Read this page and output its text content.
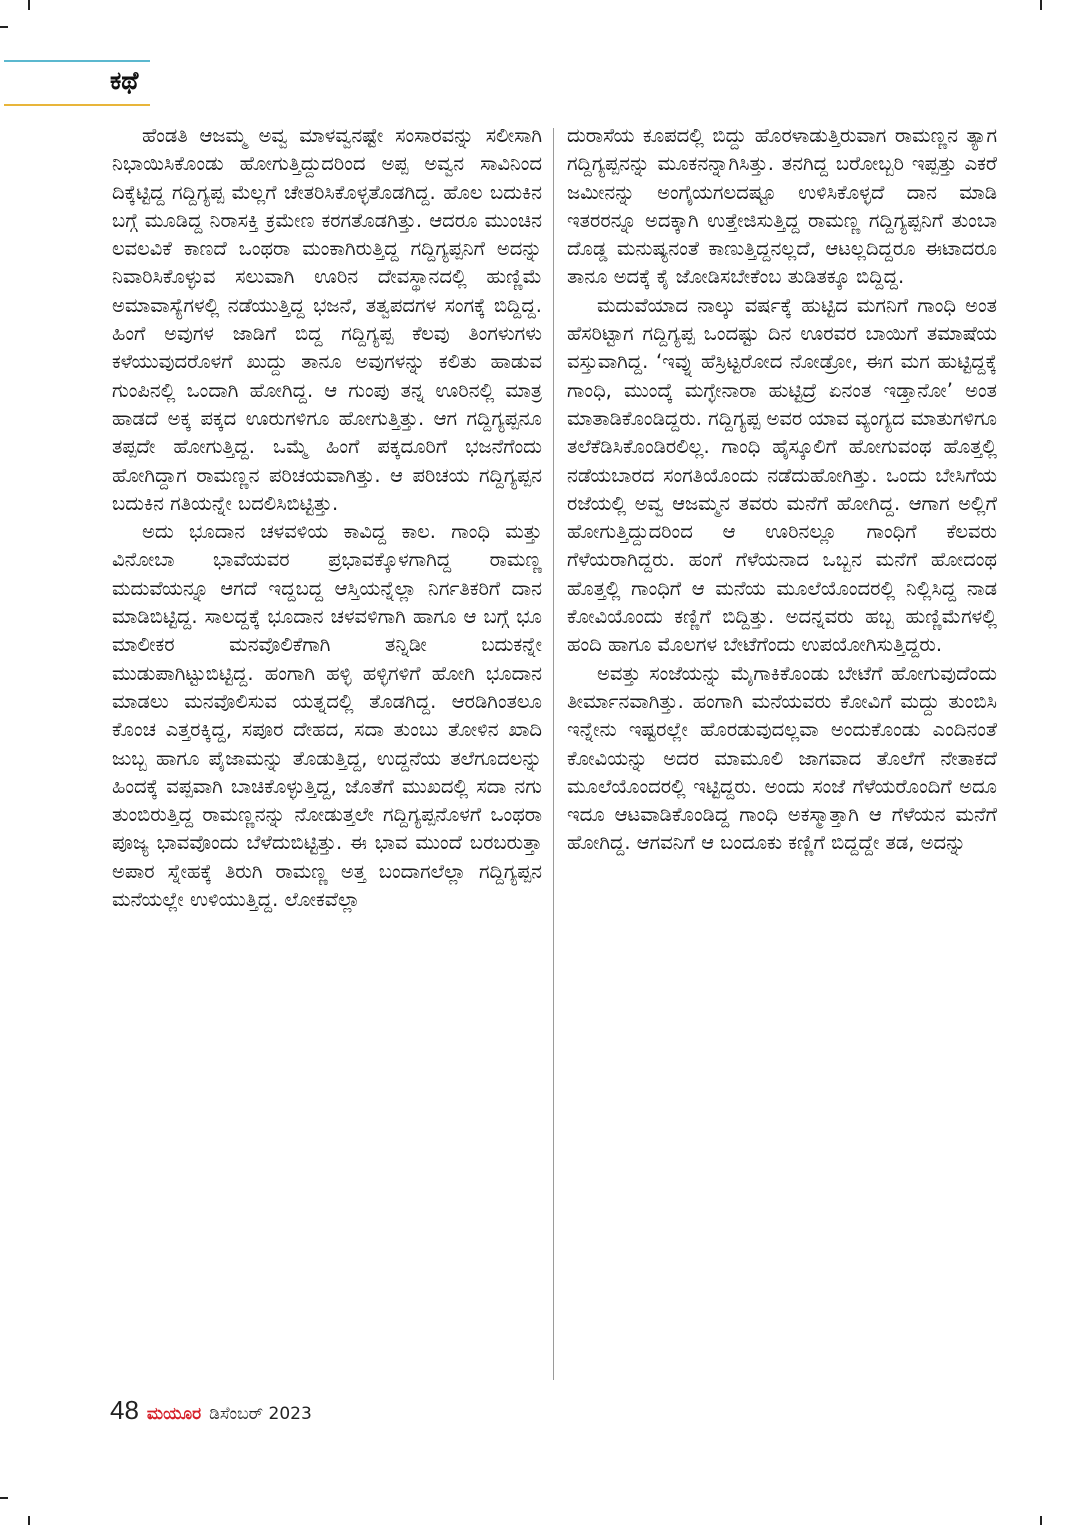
ಕಥೆ

ಹೆಂಡತಿ ಆಜಮ್ಮ ಅವ್ವ ಮಾಳವ್ವನಷ್ಟೇ ಸಂಸಾರವನ್ನು ಸಲೀಸಾಗಿ ನಿಭಾಯಿಸಿಕೊಂಡು ಹೋಗುತ್ತಿದ್ದುದರಿಂದ ಅಪ್ಪ ಅವ್ವನ ಸಾವಿನಿಂದ ದಿಕ್ಕೆಟ್ಟಿದ್ದ ಗದ್ದಿಗ್ಯಪ್ಪ ಮೆಲ್ಲಗೆ ಚೇತರಿಸಿಕೊಳ್ಳತೊಡಗಿದ್ದ. ಹೊಲ ಬದುಕಿನ ಬಗ್ಗೆ ಮೂಡಿದ್ದ ನಿರಾಸಕ್ತಿ ಕ್ರಮೇಣ ಕರಗತೊಡಗಿತ್ತು. ಆದರೂ ಮುಂಚಿನ ಲವಲವಿಕೆ ಕಾಣದೆ ಒಂಥರಾ ಮಂಕಾಗಿರುತ್ತಿದ್ದ ಗದ್ದಿಗ್ಯಪ್ಪನಿಗೆ ಅದನ್ನು ನಿವಾರಿಸಿಕೊಳ್ಳುವ ಸಲುವಾಗಿ ಊರಿನ ದೇವಸ್ಥಾನದಲ್ಲಿ ಹುಣ್ಣಿಮೆ ಅಮಾವಾಸ್ಯೆಗಳಲ್ಲಿ ನಡೆಯುತ್ತಿದ್ದ ಭಜನೆ, ತತ್ವಪದಗಳ ಸಂಗಕ್ಕೆ ಬಿದ್ದಿದ್ದ. ಹಿಂಗೆ ಅವುಗಳ ಜಾಡಿಗೆ ಬಿದ್ದ ಗದ್ದಿಗ್ಯಪ್ಪ ಕೆಲವು ತಿಂಗಳುಗಳು ಕಳೆಯುವುದರೊಳಗೆ ಖುದ್ದು ತಾನೂ ಅವುಗಳನ್ನು ಕಲಿತು ಹಾಡುವ ಗುಂಪಿನಲ್ಲಿ ಒಂದಾಗಿ ಹೋಗಿದ್ದ. ಆ ಗುಂಪು ತನ್ನ ಊರಿನಲ್ಲಿ ಮಾತ್ರ ಹಾಡದೆ ಅಕ್ಕ ಪಕ್ಕದ ಊರುಗಳಿಗೂ ಹೋಗುತ್ತಿತ್ತು. ಆಗ ಗದ್ದಿಗ್ಯಪ್ಪನೂ ತಪ್ಪದೇ ಹೋಗುತ್ತಿದ್ದ. ಒಮ್ಮೆ ಹಿಂಗೆ ಪಕ್ಕದೂರಿಗೆ ಭಜನೆಗೆಂದು ಹೋಗಿದ್ದಾಗ ರಾಮಣ್ಣನ ಪರಿಚಯವಾಗಿತ್ತು. ಆ ಪರಿಚಯ ಗದ್ದಿಗ್ಯಪ್ಪನ ಬದುಕಿನ ಗತಿಯನ್ನೇ ಬದಲಿಸಿಬಿಟ್ಟಿತ್ತು.

ಅದು ಭೂದಾನ ಚಳವಳಿಯ ಕಾವಿದ್ದ ಕಾಲ. ಗಾಂಧಿ ಮತ್ತು ವಿನೋಬಾ ಭಾವೆಯವರ ಪ್ರಭಾವಕ್ಕೊಳಗಾಗಿದ್ದ ರಾಮಣ್ಣ ಮದುವೆಯನ್ನೂ ಆಗದೆ ಇದ್ದಬದ್ದ ಆಸ್ತಿಯನ್ನೆಲ್ಲಾ ನಿರ್ಗತಿಕರಿಗೆ ದಾನ ಮಾಡಿಬಿಟ್ಟಿದ್ದ. ಸಾಲದ್ದಕ್ಕೆ ಭೂದಾನ ಚಳವಳಿಗಾಗಿ ಹಾಗೂ ಆ ಬಗ್ಗೆ ಭೂ ಮಾಲೀಕರ ಮನವೊಲಿಕೆಗಾಗಿ ತನ್ನಿಡೀ ಬದುಕನ್ನೇ ಮುಡುಪಾಗಿಟ್ಟುಬಿಟ್ಟಿದ್ದ. ಹಂಗಾಗಿ ಹಳ್ಳಿ ಹಳ್ಳಿಗಳಿಗೆ ಹೋಗಿ ಭೂದಾನ ಮಾಡಲು ಮನವೊಲಿಸುವ ಯತ್ನದಲ್ಲಿ ತೊಡಗಿದ್ದ. ಆರಡಿಗಿಂತಲೂ ಕೊಂಚ ಎತ್ತರಕ್ಕಿದ್ದ, ಸಪೂರ ದೇಹದ, ಸದಾ ತುಂಬು ತೋಳಿನ ಖಾದಿ ಜುಬ್ಬ ಹಾಗೂ ಪೈಜಾಮನ್ನು ತೊಡುತ್ತಿದ್ದ, ಉದ್ದನೆಯ ತಲೆಗೂದಲನ್ನು ಹಿಂದಕ್ಕೆ ವಪ್ಪವಾಗಿ ಬಾಚಿಕೊಳ್ಳುತ್ತಿದ್ದ, ಜೊತೆಗೆ ಮುಖದಲ್ಲಿ ಸದಾ ನಗು ತುಂಬಿರುತ್ತಿದ್ದ ರಾಮಣ್ಣನನ್ನು ನೋಡುತ್ತಲೇ ಗದ್ದಿಗ್ಯಪ್ಪನೊಳಗೆ ಒಂಥರಾ ಪೂಜ್ಯ ಭಾವವೊಂದು ಬೆಳೆದುಬಿಟ್ಟಿತ್ತು. ಈ ಭಾವ ಮುಂದೆ ಬರಬರುತ್ತಾ ಅಪಾರ ಸ್ನೇಹಕ್ಕೆ ತಿರುಗಿ ರಾಮಣ್ಣ ಅತ್ತ ಬಂದಾಗಲೆಲ್ಲಾ ಗದ್ದಿಗ್ಯಪ್ಪನ ಮನೆಯಲ್ಲೇ ಉಳಿಯುತ್ತಿದ್ದ. ಲೋಕವೆಲ್ಲಾ

ದುರಾಸೆಯ ಕೂಪದಲ್ಲಿ ಬಿದ್ದು ಹೊರಳಾಡುತ್ತಿರುವಾಗ ರಾಮಣ್ಣನ ತ್ಯಾಗ ಗದ್ದಿಗ್ಯಪ್ಪನನ್ನು ಮೂಕನನ್ನಾಗಿಸಿತ್ತು. ತನಗಿದ್ದ ಬರೋಬ್ಬರಿ ಇಪ್ಪತ್ತು ಎಕರೆ ಜಮೀನನ್ನು ಅಂಗೈಯಗಲದಷ್ಟೂ ಉಳಿಸಿಕೊಳ್ಳದೆ ದಾನ ಮಾಡಿ ಇತರರನ್ನೂ ಅದಕ್ಕಾಗಿ ಉತ್ತೇಜಿಸುತ್ತಿದ್ದ ರಾಮಣ್ಣ ಗದ್ದಿಗ್ಯಪ್ಪನಿಗೆ ತುಂಬಾ ದೊಡ್ಡ ಮನುಷ್ಯನಂತೆ ಕಾಣುತ್ತಿದ್ದನಲ್ಲದೆ, ಆಟಲ್ಲದಿದ್ದರೂ ಈಟಾದರೂ ತಾನೂ ಅದಕ್ಕೆ ಕೈ ಜೋಡಿಸಬೇಕೆಂಬ ತುಡಿತಕ್ಕೂ ಬಿದ್ದಿದ್ದ.

ಮದುವೆಯಾದ ನಾಲ್ಕು ವರ್ಷಕ್ಕೆ ಹುಟ್ಟಿದ ಮಗನಿಗೆ ಗಾಂಧಿ ಅಂತ ಹೆಸರಿಟ್ಟಾಗ ಗದ್ದಿಗ್ಯಪ್ಪ ಒಂದಷ್ಟು ದಿನ ಊರವರ ಬಾಯಿಗೆ ತಮಾಷೆಯ ವಸ್ತುವಾಗಿದ್ದ. ‘ಇವ್ನು ಹೆಸ್ರಿಟ್ಟರೋದ ನೋಡ್ರೋ, ಈಗ ಮಗ ಹುಟ್ಟಿದ್ದಕ್ಕೆ ಗಾಂಧಿ, ಮುಂದ್ಕೆ ಮಗ್ಳೇನಾರಾ ಹುಟ್ಟಿದ್ರೆ ಏನಂತ ಇಡ್ತಾನೋ’ ಅಂತ ಮಾತಾಡಿಕೊಂಡಿದ್ದರು. ಗದ್ದಿಗ್ಯಪ್ಪ ಅವರ ಯಾವ ವ್ಯಂಗ್ಯದ ಮಾತುಗಳಿಗೂ ತಲೆಕೆಡಿಸಿಕೊಂಡಿರಲಿಲ್ಲ. ಗಾಂಧಿ ಹೈಸ್ಕೂಲಿಗೆ ಹೋಗುವಂಥ ಹೊತ್ತಲ್ಲಿ ನಡೆಯಬಾರದ ಸಂಗತಿಯೊಂದು ನಡೆದುಹೋಗಿತ್ತು. ಒಂದು ಬೇಸಿಗೆಯ ರಜೆಯಲ್ಲಿ ಅವ್ವ ಆಜಮ್ಮನ ತವರು ಮನೆಗೆ ಹೋಗಿದ್ದ. ಆಗಾಗ ಅಲ್ಲಿಗೆ ಹೋಗುತ್ತಿದ್ದುದರಿಂದ ಆ ಊರಿನಲ್ಲೂ ಗಾಂಧಿಗೆ ಕೆಲವರು ಗೆಳೆಯರಾಗಿದ್ದರು. ಹಂಗೆ ಗೆಳೆಯನಾದ ಒಬ್ಬನ ಮನೆಗೆ ಹೋದಂಥ ಹೊತ್ತಲ್ಲಿ ಗಾಂಧಿಗೆ ಆ ಮನೆಯ ಮೂಲೆಯೊಂದರಲ್ಲಿ ನಿಲ್ಲಿಸಿದ್ದ ನಾಡ ಕೋವಿಯೊಂದು ಕಣ್ಣಿಗೆ ಬಿದ್ದಿತ್ತು. ಅದನ್ನವರು ಹಬ್ಬ ಹುಣ್ಣಿಮೆಗಳಲ್ಲಿ ಹಂದಿ ಹಾಗೂ ಮೊಲಗಳ ಬೇಟೆಗೆಂದು ಉಪಯೋಗಿಸುತ್ತಿದ್ದರು.

ಅವತ್ತು ಸಂಜೆಯನ್ನು ಮೈಗಾಕಿಕೊಂಡು ಬೇಟೆಗೆ ಹೋಗುವುದೆಂದು ತೀರ್ಮಾನವಾಗಿತ್ತು. ಹಂಗಾಗಿ ಮನೆಯವರು ಕೋವಿಗೆ ಮದ್ದು ತುಂಬಿಸಿ ಇನ್ನೇನು ಇಷ್ಟರಲ್ಲೇ ಹೊರಡುವುದಲ್ಲವಾ ಅಂದುಕೊಂಡು ಎಂದಿನಂತೆ ಕೋವಿಯನ್ನು ಅದರ ಮಾಮೂಲಿ ಜಾಗವಾದ ತೊಲೆಗೆ ನೇತಾಕದೆ ಮೂಲೆಯೊಂದರಲ್ಲಿ ಇಟ್ಟಿದ್ದರು. ಅಂದು ಸಂಜೆ ಗೆಳೆಯರೊಂದಿಗೆ ಅದೂ ಇದೂ ಆಟವಾಡಿಕೊಂಡಿದ್ದ ಗಾಂಧಿ ಅಕಸ್ಮಾತ್ತಾಗಿ ಆ ಗೆಳೆಯನ ಮನೆಗೆ ಹೋಗಿದ್ದ. ಆಗವನಿಗೆ ಆ ಬಂದೂಕು ಕಣ್ಣಿಗೆ ಬಿದ್ದದ್ದೇ ತಡ, ಅದನ್ನು

48 ಮಯೂರ ಡಿಸೆಂಬರ್ 2023
